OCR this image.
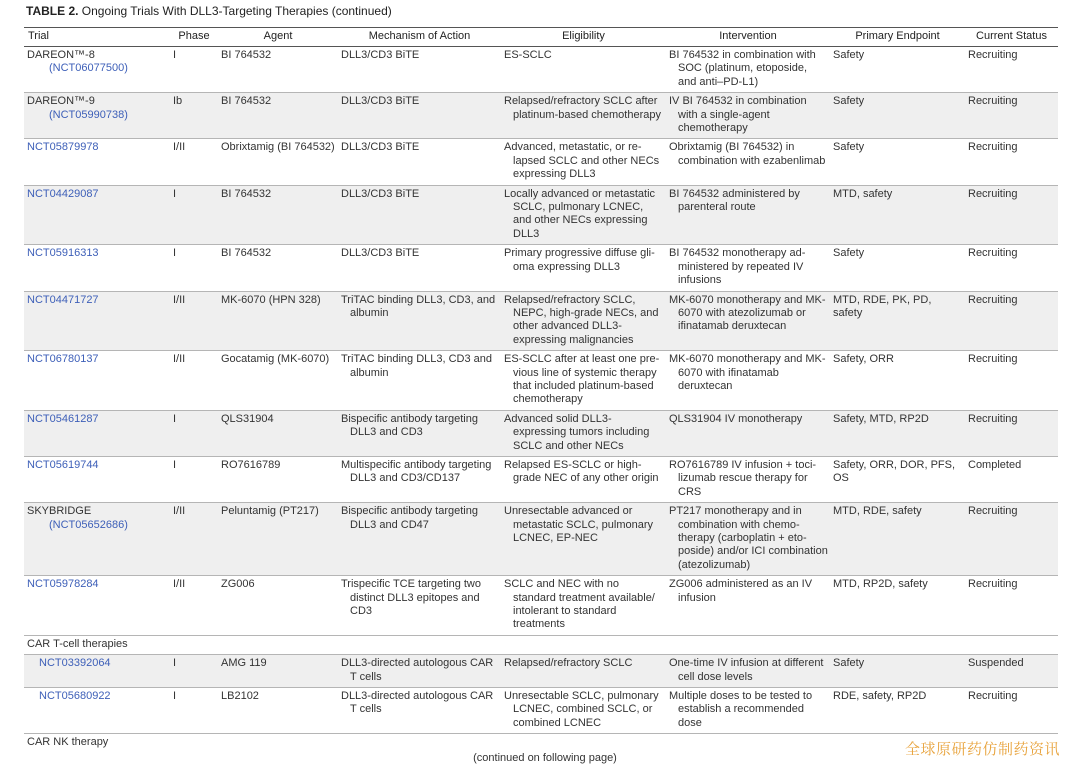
TABLE 2. Ongoing Trials With DLL3-Targeting Therapies (continued)
Trial	Phase	Agent	Mechanism of Action	Eligibility	Intervention	Primary Endpoint	Current Status
DAREON™-8
(NCT06077500)	I	BI 764532	DLL3/CD3 BiTE	ES-SCLC	BI 764532 in combination with SOC (platinum, etoposide, and anti–PD-L1)	Safety	Recruiting
DAREON™-9
(NCT05990738)	Ib	BI 764532	DLL3/CD3 BiTE	Relapsed/refractory SCLC after platinum-based chemotherapy	IV BI 764532 in combination with a single-agent chemotherapy	Safety	Recruiting
NCT05879978	I/II	Obrixtamig (BI 764532)	DLL3/CD3 BiTE	Advanced, metastatic, or re-lapsed SCLC and other NECs expressing DLL3	Obrixtamig (BI 764532) in combination with ezabenlimab	Safety	Recruiting
NCT04429087	I	BI 764532	DLL3/CD3 BiTE	Locally advanced or metastatic SCLC, pulmonary LCNEC, and other NECs expressing DLL3	BI 764532 administered by parenteral route	MTD, safety	Recruiting
NCT05916313	I	BI 764532	DLL3/CD3 BiTE	Primary progressive diffuse gli-oma expressing DLL3	BI 764532 monotherapy ad-ministered by repeated IV infusions	Safety	Recruiting
NCT04471727	I/II	MK-6070 (HPN 328)	TriTAC binding DLL3, CD3, and albumin	Relapsed/refractory SCLC, NEPC, high-grade NECs, and other advanced DLL3-expressing malignancies	MK-6070 monotherapy and MK-6070 with atezolizumab or ifinatamab deruxtecan	MTD, RDE, PK, PD, safety	Recruiting
NCT06780137	I/II	Gocatamig (MK-6070)	TriTAC binding DLL3, CD3 and albumin	ES-SCLC after at least one pre-vious line of systemic therapy that included platinum-based chemotherapy	MK-6070 monotherapy and MK-6070 with ifinatamab deruxtecan	Safety, ORR	Recruiting
NCT05461287	I	QLS31904	Bispecific antibody targeting DLL3 and CD3	Advanced solid DLL3-expressing tumors including SCLC and other NECs	QLS31904 IV monotherapy	Safety, MTD, RP2D	Recruiting
NCT05619744	I	RO7616789	Multispecific antibody targeting DLL3 and CD3/CD137	Relapsed ES-SCLC or high-grade NEC of any other origin	RO7616789 IV infusion + toci-lizumab rescue therapy for CRS	Safety, ORR, DOR, PFS, OS	Completed
SKYBRIDGE
(NCT05652686)	I/II	Peluntamig (PT217)	Bispecific antibody targeting DLL3 and CD47	Unresectable advanced or metastatic SCLC, pulmonary LCNEC, EP-NEC	PT217 monotherapy and in combination with chemo-therapy (carboplatin + eto-poside) and/or ICI combination (atezolizumab)	MTD, RDE, safety	Recruiting
NCT05978284	I/II	ZG006	Trispecific TCE targeting two distinct DLL3 epitopes and CD3	SCLC and NEC with no standard treatment available/ intolerant to standard treatments	ZG006 administered as an IV infusion	MTD, RP2D, safety	Recruiting
CAR T-cell therapies							
NCT03392064	I	AMG 119	DLL3-directed autologous CAR T cells	Relapsed/refractory SCLC	One-time IV infusion at different cell dose levels	Safety	Suspended
NCT05680922	I	LB2102	DLL3-directed autologous CAR T cells	Unresectable SCLC, pulmonary LCNEC, combined SCLC, or combined LCNEC	Multiple doses to be tested to establish a recommended dose	RDE, safety, RP2D	Recruiting
CAR NK therapy							
(continued on following page)	全球原研药仿制药资讯
